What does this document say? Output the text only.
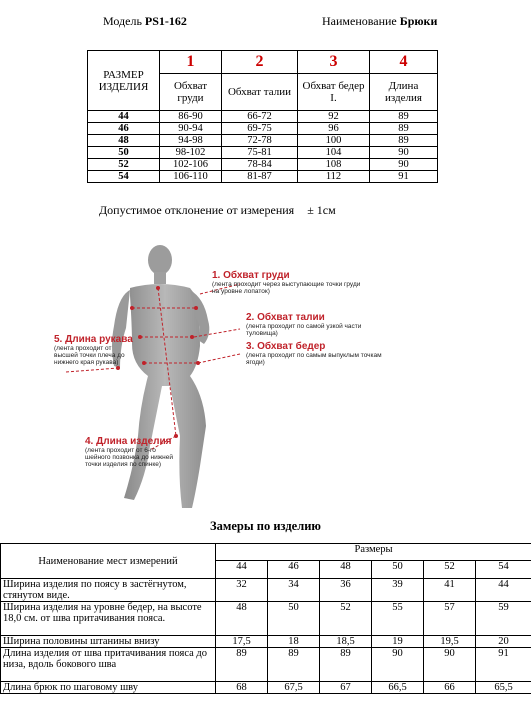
Модель PS1-162	Наименование Брюки
РАЗМЕР ИЗДЕЛИЯ	1	2	3	4
	Обхват груди	Обхват талии	Обхват бедер I.	Длина изделия
44	86-90	66-72	92	89
46	90-94	69-75	96	89
48	94-98	72-78	100	89
50	98-102	75-81	104	90
52	102-106	78-84	108	90
54	106-110	81-87	112	91
Допустимое отклонение от измерения ± 1см
1. Обхват груди
(лента проходит через выступающие точки груди на уровне лопаток)
2. Обхват талии
(лента проходит по самой узкой части туловища)
3. Обхват бедер
(лента проходит по самым выпуклым точкам ягоди)
5. Длина рукава
(лента проходит от высшей точки плеча до нижнего края рукава)
4. Длина изделия
(лента проходит от 6-го шейного позвонка до нижней точки изделия по спинке)
Замеры по изделию
Наименование мест измерений	Размеры					
	44	46	48	50	52	54
Ширина изделия по поясу в застёгнутом, стянутом виде.	32	34	36	39	41	44
Ширина изделия на уровне бедер, на высоте 18,0 см. от шва притачивания пояса.	48	50	52	55	57	59
Ширина половины штанины внизу	17,5	18	18,5	19	19,5	20
Длина изделия от шва притачивания пояса до низа, вдоль бокового шва	89	89	89	90	90	91
Длина брюк по шаговому шву	68	67,5	67	66,5	66	65,5
